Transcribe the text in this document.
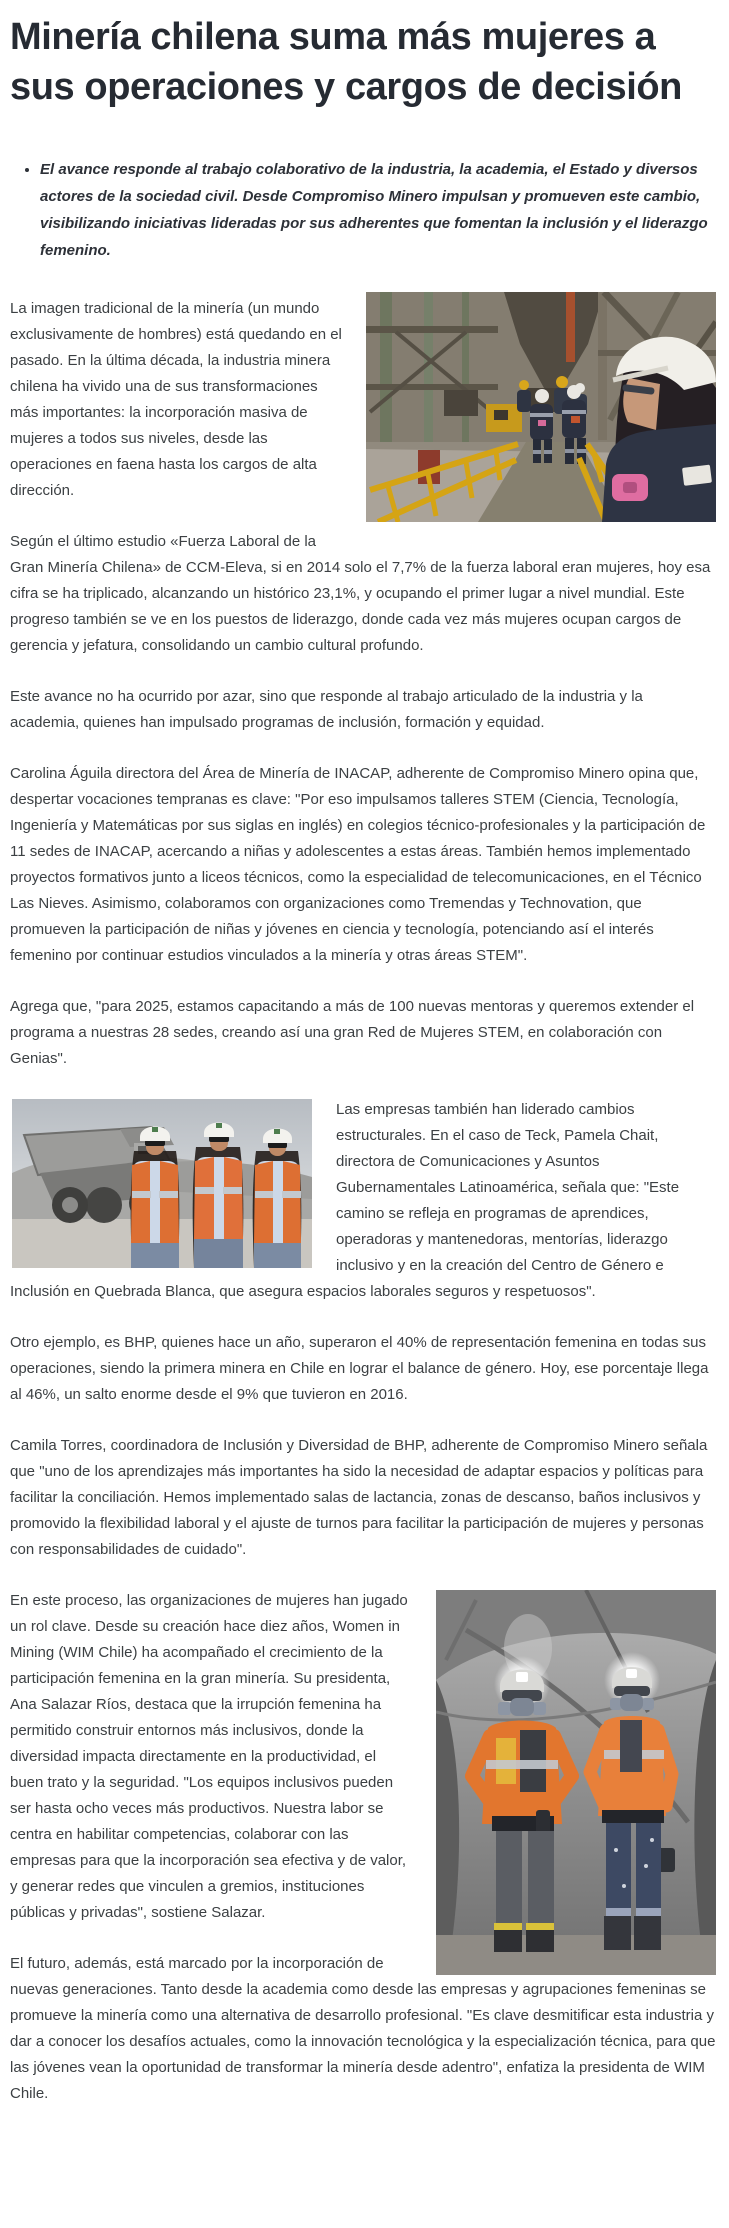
Minería chilena suma más mujeres a sus operaciones y cargos de decisión
• El avance responde al trabajo colaborativo de la industria, la academia, el Estado y diversos actores de la sociedad civil. Desde Compromiso Minero impulsan y promueven este cambio, visibilizando iniciativas lideradas por sus adherentes que fomentan la inclusión y el liderazgo femenino.

La imagen tradicional de la minería (un mundo exclusivamente de hombres) está quedando en el pasado. En la última década, la industria minera chilena ha vivido una de sus transformaciones más importantes: la incorporación masiva de mujeres a todos sus niveles, desde las operaciones en faena hasta los cargos de alta dirección.

Según el último estudio «Fuerza Laboral de la Gran Minería Chilena» de CCM-Eleva, si en 2014 solo el 7,7% de la fuerza laboral eran mujeres, hoy esa cifra se ha triplicado, alcanzando un histórico 23,1%, y ocupando el primer lugar a nivel mundial. Este progreso también se ve en los puestos de liderazgo, donde cada vez más mujeres ocupan cargos de gerencia y jefatura, consolidando un cambio cultural profundo.

Este avance no ha ocurrido por azar, sino que responde al trabajo articulado de la industria y la academia, quienes han impulsado programas de inclusión, formación y equidad.

Carolina Águila directora del Área de Minería de INACAP, adherente de Compromiso Minero opina que, despertar vocaciones tempranas es clave: "Por eso impulsamos talleres STEM (Ciencia, Tecnología, Ingeniería y Matemáticas por sus siglas en inglés) en colegios técnico-profesionales y la participación de 11 sedes de INACAP, acercando a niñas y adolescentes a estas áreas. También hemos implementado proyectos formativos junto a liceos técnicos, como la especialidad de telecomunicaciones, en el Técnico Las Nieves. Asimismo, colaboramos con organizaciones como Tremendas y Technovation, que promueven la participación de niñas y jóvenes en ciencia y tecnología, potenciando así el interés femenino por continuar estudios vinculados a la minería y otras áreas STEM".

Agrega que, "para 2025, estamos capacitando a más de 100 nuevas mentoras y queremos extender el programa a nuestras 28 sedes, creando así una gran Red de Mujeres STEM, en colaboración con Genias".

Las empresas también han liderado cambios estructurales. En el caso de Teck, Pamela Chait, directora de Comunicaciones y Asuntos Gubernamentales Latinoamérica, señala que: "Este camino se refleja en programas de aprendices, operadoras y mantenedoras, mentorías, liderazgo inclusivo y en la creación del Centro de Género e Inclusión en Quebrada Blanca, que asegura espacios laborales seguros y respetuosos".

Otro ejemplo, es BHP, quienes hace un año, superaron el 40% de representación femenina en todas sus operaciones, siendo la primera minera en Chile en lograr el balance de género. Hoy, ese porcentaje llega al 46%, un salto enorme desde el 9% que tuvieron en 2016.

Camila Torres, coordinadora de Inclusión y Diversidad de BHP, adherente de Compromiso Minero señala que "uno de los aprendizajes más importantes ha sido la necesidad de adaptar espacios y políticas para facilitar la conciliación. Hemos implementado salas de lactancia, zonas de descanso, baños inclusivos y promovido la flexibilidad laboral y el ajuste de turnos para facilitar la participación de mujeres y personas con responsabilidades de cuidado".

En este proceso, las organizaciones de mujeres han jugado un rol clave. Desde su creación hace diez años, Women in Mining (WIM Chile) ha acompañado el crecimiento de la participación femenina en la gran minería. Su presidenta, Ana Salazar Ríos, destaca que la irrupción femenina ha permitido construir entornos más inclusivos, donde la diversidad impacta directamente en la productividad, el buen trato y la seguridad. "Los equipos inclusivos pueden ser hasta ocho veces más productivos. Nuestra labor se centra en habilitar competencias, colaborar con las empresas para que la incorporación sea efectiva y de valor, y generar redes que vinculen a gremios, instituciones públicas y privadas", sostiene Salazar.

El futuro, además, está marcado por la incorporación de nuevas generaciones. Tanto desde la academia como desde las empresas y agrupaciones femeninas se promueve la minería como una alternativa de desarrollo profesional. "Es clave desmitificar esta industria y dar a conocer los desafíos actuales, como la innovación tecnológica y la especialización técnica, para que las jóvenes vean la oportunidad de transformar la minería desde adentro", enfatiza la presidenta de WIM Chile.
